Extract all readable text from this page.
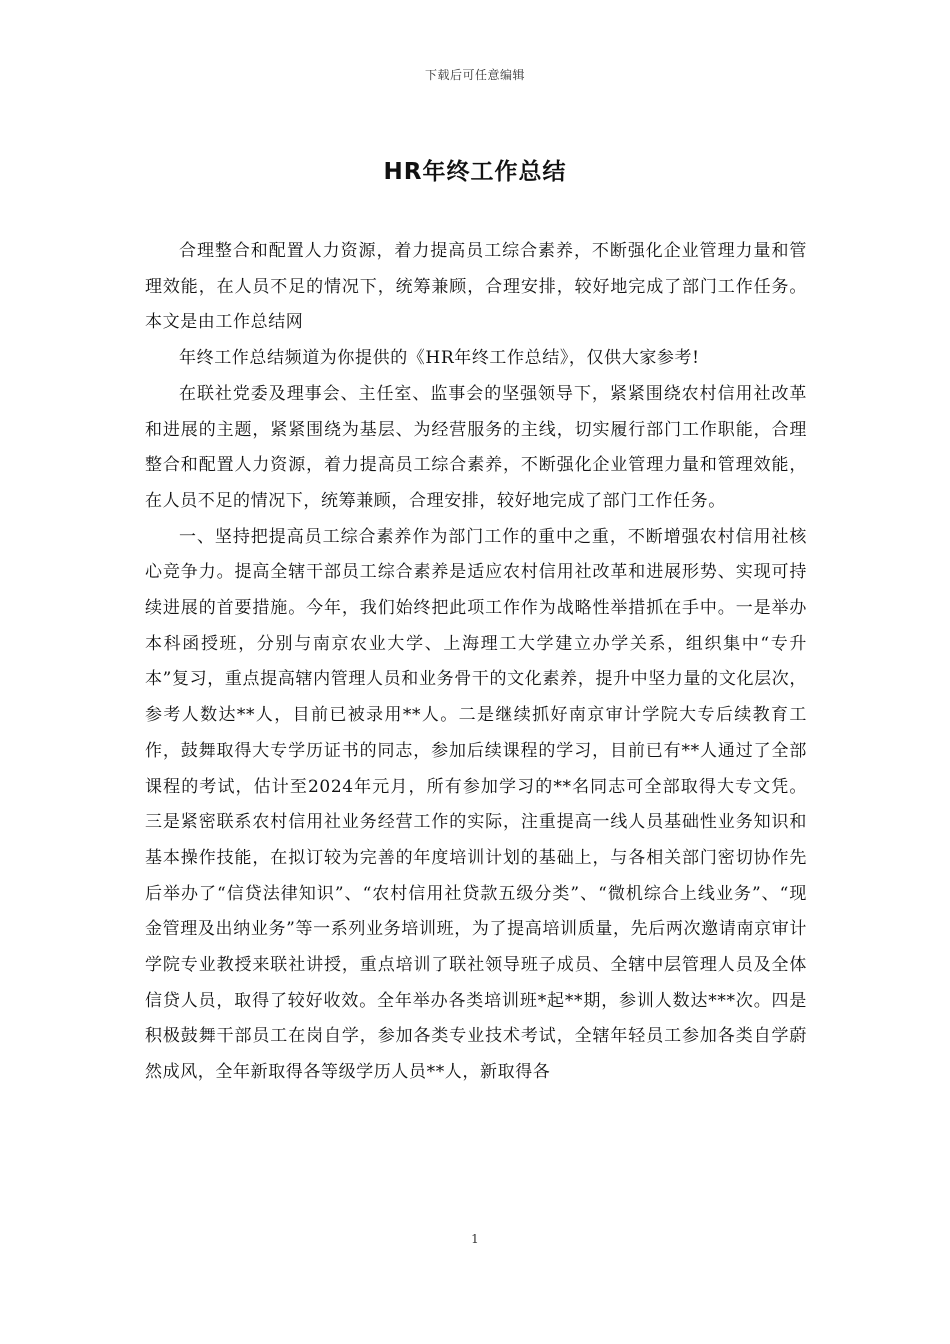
下载后可任意编辑
HR年终工作总结

合理整合和配置人力资源，着力提高员工综合素养，不断强化企业管理力量和管理效能，在人员不足的情况下，统筹兼顾，合理安排，较好地完成了部门工作任务。本文是由工作总结网

年终工作总结频道为你提供的《HR年终工作总结》，仅供大家参考!

在联社党委及理事会、主任室、监事会的坚强领导下，紧紧围绕农村信用社改革和进展的主题，紧紧围绕为基层、为经营服务的主线，切实履行部门工作职能，合理整合和配置人力资源，着力提高员工综合素养，不断强化企业管理力量和管理效能，在人员不足的情况下，统筹兼顾，合理安排，较好地完成了部门工作任务。

一、坚持把提高员工综合素养作为部门工作的重中之重，不断增强农村信用社核心竞争力。提高全辖干部员工综合素养是适应农村信用社改革和进展形势、实现可持续进展的首要措施。今年，我们始终把此项工作作为战略性举措抓在手中。一是举办本科函授班，分别与南京农业大学、上海理工大学建立办学关系，组织集中“专升本”复习，重点提高辖内管理人员和业务骨干的文化素养，提升中坚力量的文化层次，参考人数达**人，目前已被录用**人。二是继续抓好南京审计学院大专后续教育工作，鼓舞取得大专学历证书的同志，参加后续课程的学习，目前已有**人通过了全部课程的考试，估计至2024年元月，所有参加学习的**名同志可全部取得大专文凭。三是紧密联系农村信用社业务经营工作的实际，注重提高一线人员基础性业务知识和基本操作技能，在拟订较为完善的年度培训计划的基础上，与各相关部门密切协作先后举办了“信贷法律知识”、“农村信用社贷款五级分类”、“微机综合上线业务”、“现金管理及出纳业务”等一系列业务培训班，为了提高培训质量，先后两次邀请南京审计学院专业教授来联社讲授，重点培训了联社领导班子成员、全辖中层管理人员及全体信贷人员，取得了较好收效。全年举办各类培训班*起**期，参训人数达***次。四是积极鼓舞干部员工在岗自学，参加各类专业技术考试，全辖年轻员工参加各类自学蔚然成风，全年新取得各等级学历人员**人，新取得各

1
